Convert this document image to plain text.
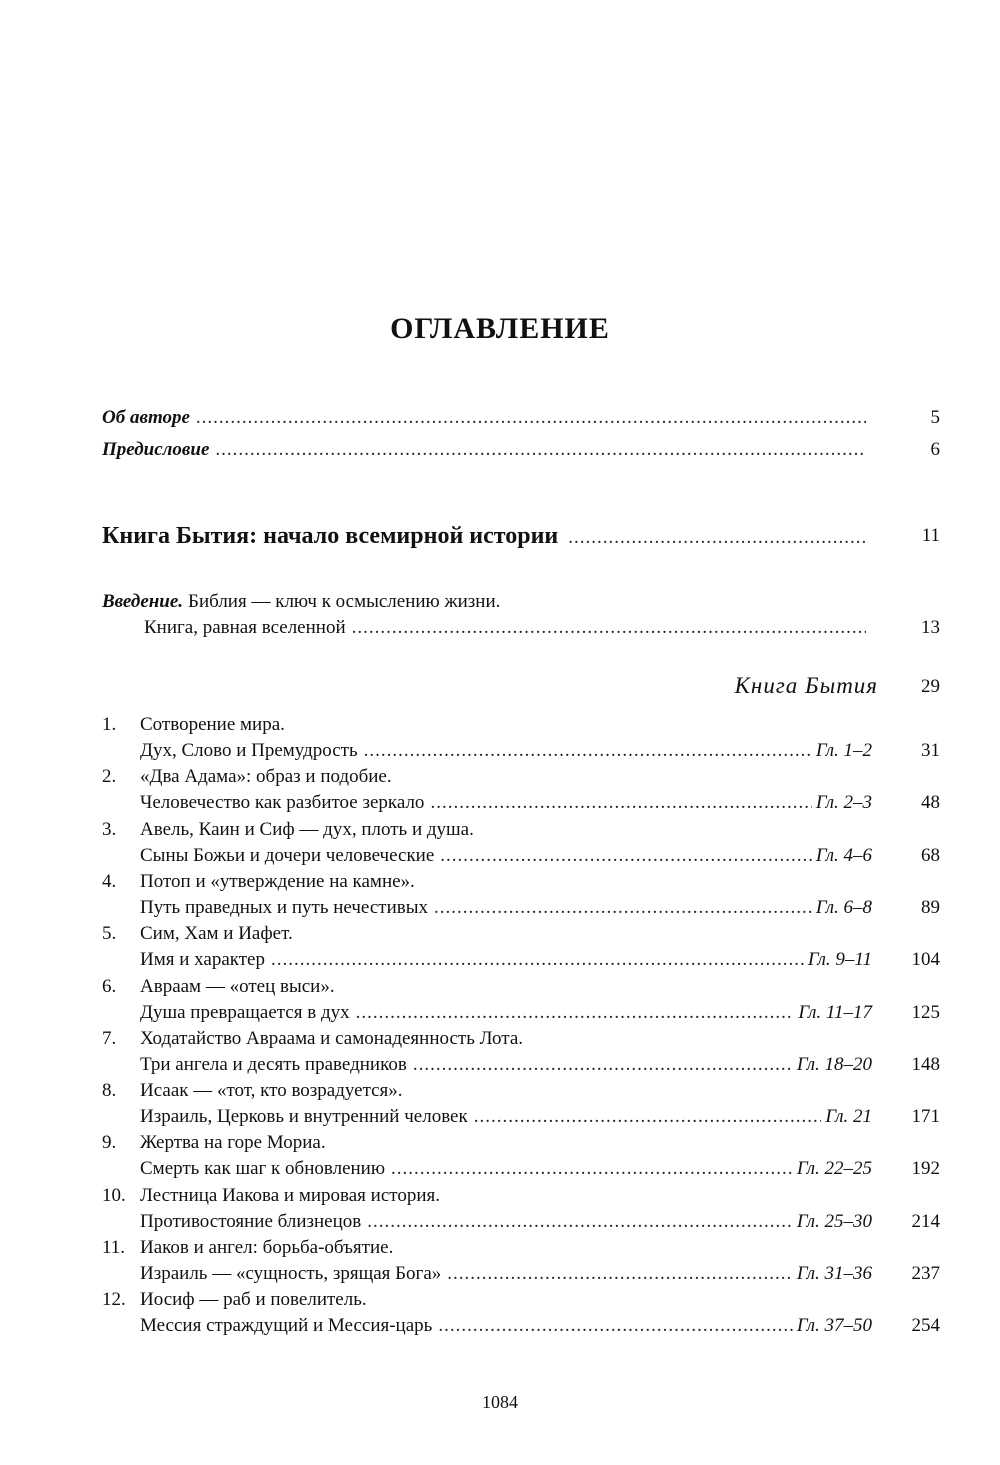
ОГЛАВЛЕНИЕ
Об авторе .....	5
Предисловие .....	6
Книга Бытия: начало всемирной истории .....	11
Введение. Библия — ключ к осмыслению жизни.
Книга, равная вселенной .....	13
Книга Бытия	29
1.	Сотворение мира.
Дух, Слово и Премудрость .....	Гл. 1–2	31
2.	«Два Адама»: образ и подобие.
Человечество как разбитое зеркало .....	Гл. 2–3	48
3.	Авель, Каин и Сиф — дух, плоть и душа.
Сыны Божьи и дочери человеческие .....	Гл. 4–6	68
4.	Потоп и «утверждение на камне».
Путь праведных и путь нечестивых .....	Гл. 6–8	89
5.	Сим, Хам и Иафет.
Имя и характер .....	Гл. 9–11	104
6.	Авраам — «отец выси».
Душа превращается в дух .....	Гл. 11–17	125
7.	Ходатайство Авраама и самонадеянность Лота.
Три ангела и десять праведников .....	Гл. 18–20	148
8.	Исаак — «тот, кто возрадуется».
Израиль, Церковь и внутренний человек .....	Гл. 21	171
9.	Жертва на горе Мориа.
Смерть как шаг к обновлению .....	Гл. 22–25	192
10. Лестница Иакова и мировая история.
Противостояние близнецов .....	Гл. 25–30	214
11. Иаков и ангел: борьба-объятие.
Израиль — «сущность, зрящая Бога» .....	Гл. 31–36	237
12. Иосиф — раб и повелитель.
Мессия страждущий и Мессия-царь .....	Гл. 37–50	254
1084
